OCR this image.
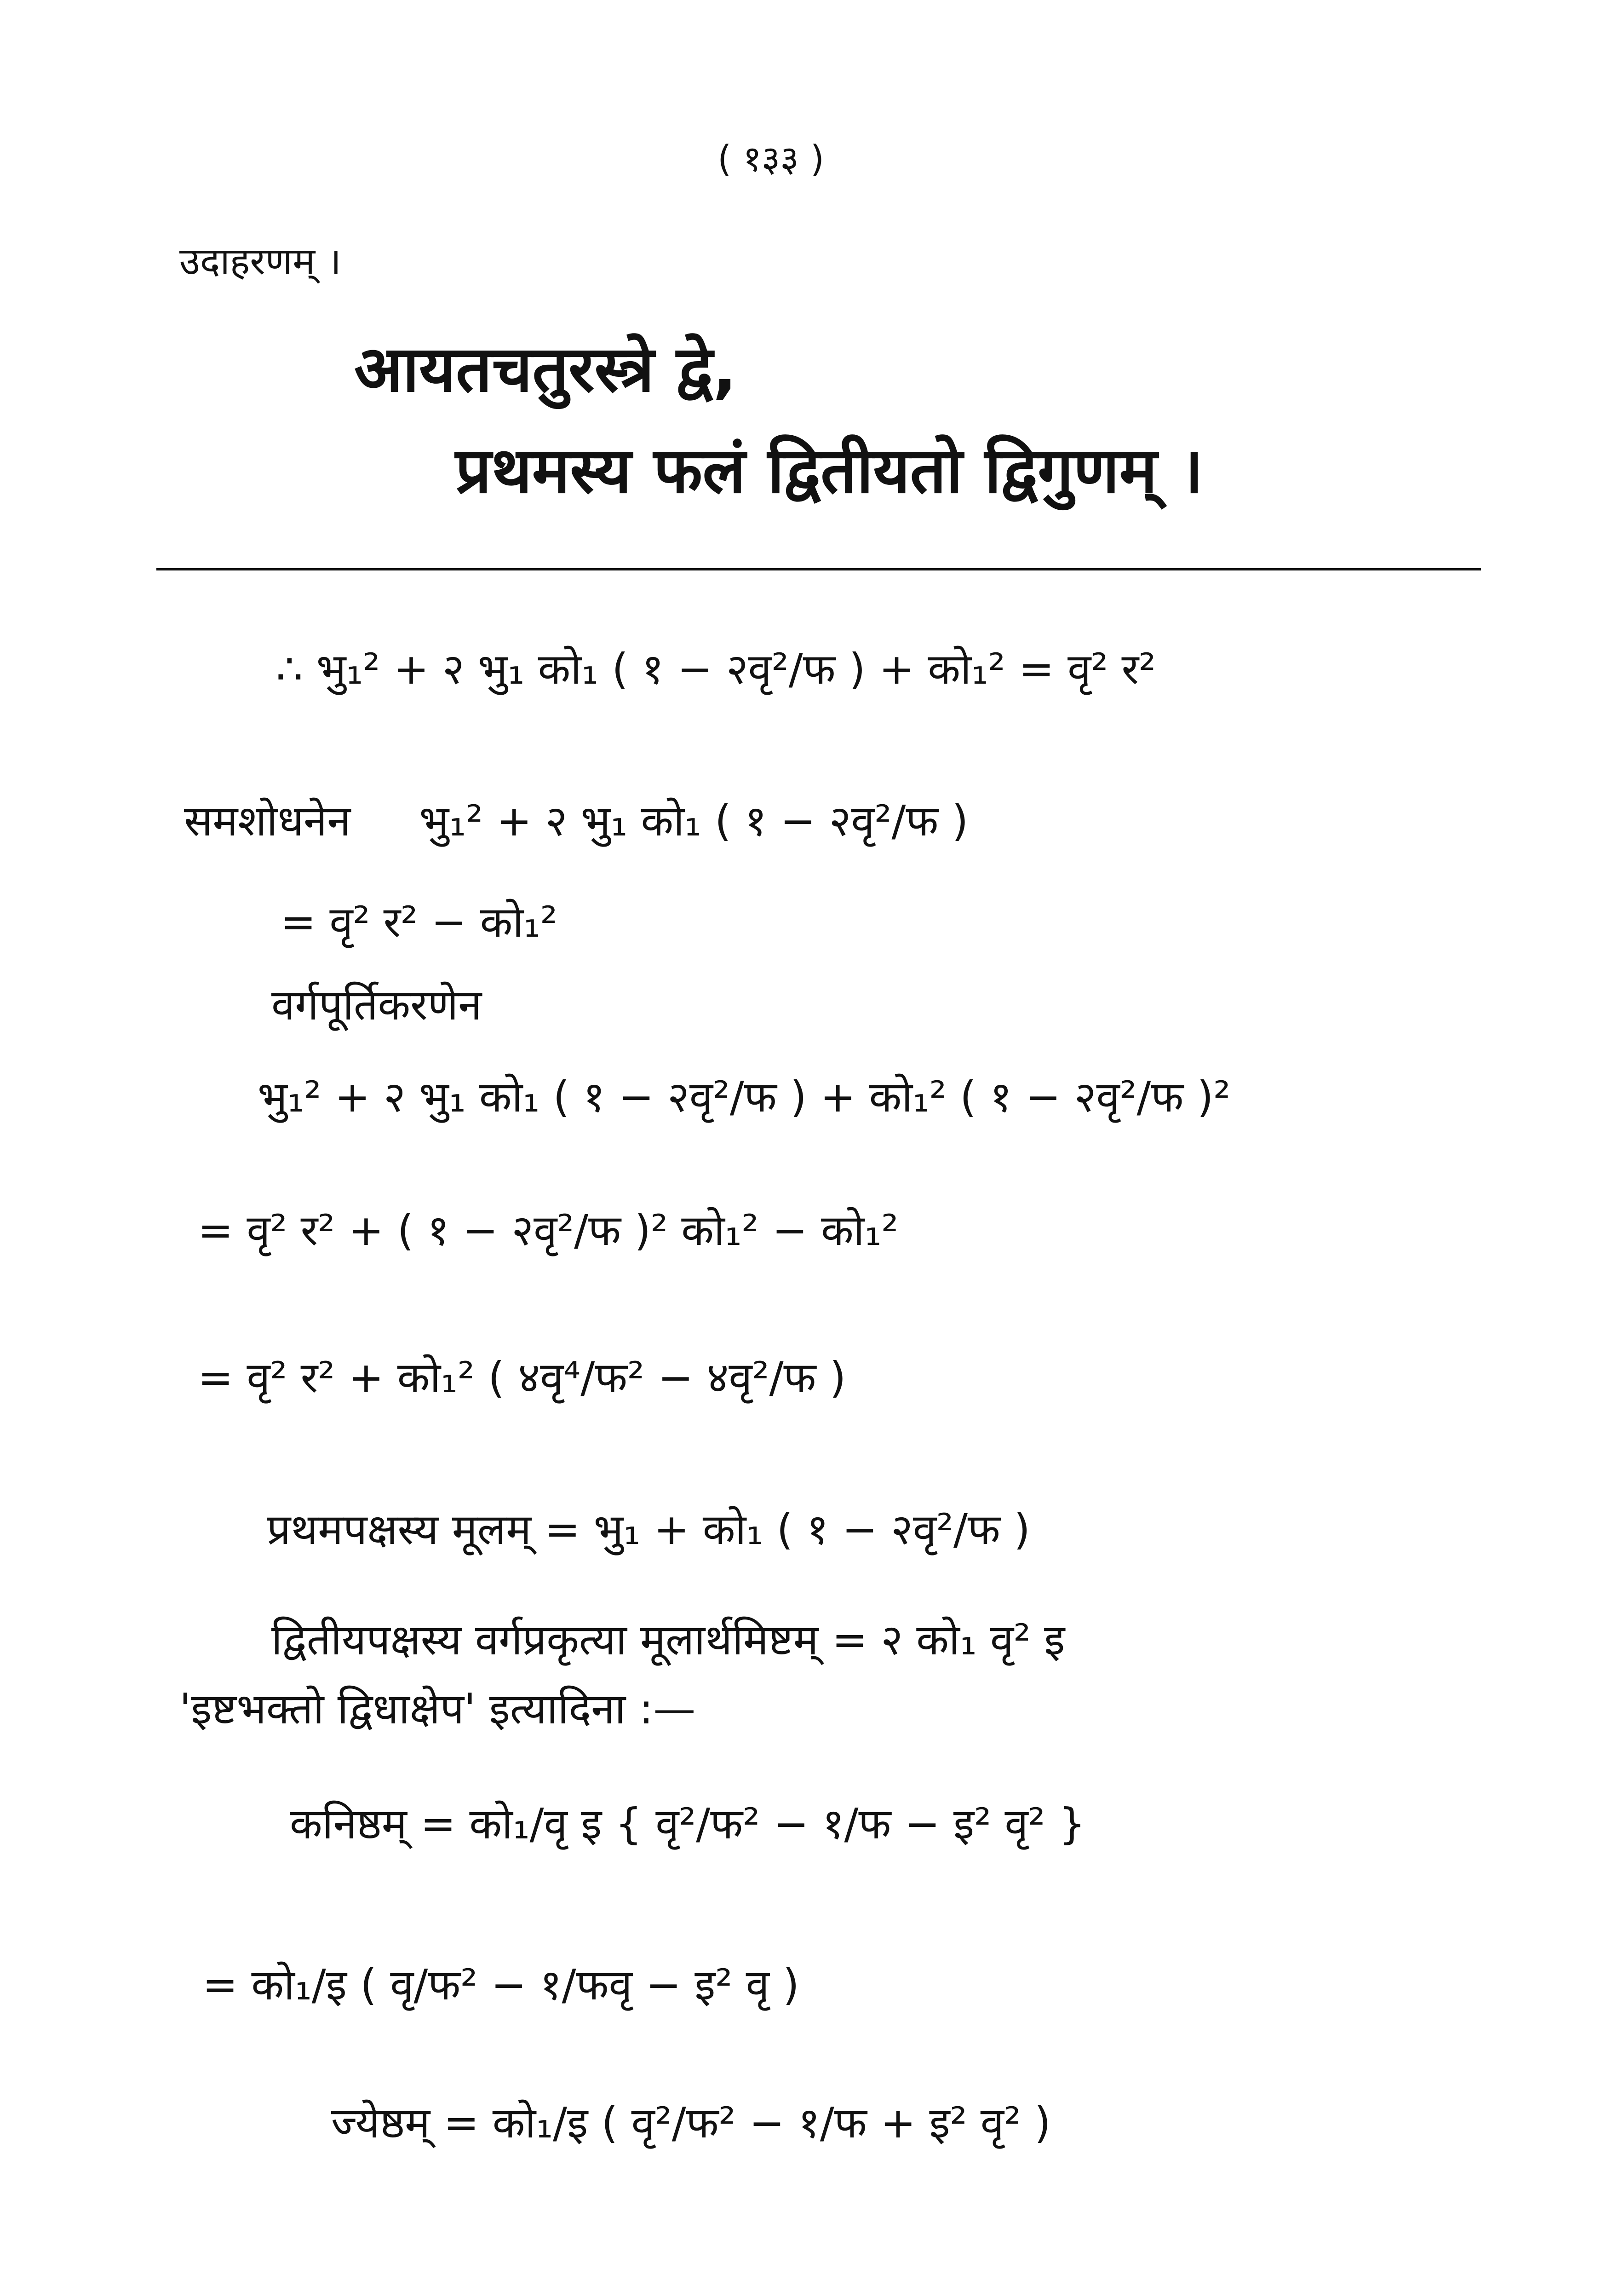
( १३३ )
उदाहरणम् ।
आयतचतुरस्त्रे द्वे,
प्रथमस्य फलं द्वितीयतो द्विगुणम् ।
∴ भु₁² + २ भु₁ को₁ ( १ − २वृ²/फ ) + को₁² = वृ² र²
समशोधनेन भु₁² + २ भु₁ को₁ ( १ − २वृ²/फ )
= वृ² र² − को₁²
वर्गपूर्तिकरणेन
भु₁² + २ भु₁ को₁ ( १ − २वृ²/फ ) + को₁² ( १ − २वृ²/फ )²
= वृ² र² + ( १ − २वृ²/फ )² को₁² − को₁²
= वृ² र² + को₁² ( ४वृ⁴/फ² − ४वृ²/फ )
प्रथमपक्षस्य मूलम् = भु₁ + को₁ ( १ − २वृ²/फ )
द्वितीयपक्षस्य वर्गप्रकृत्या मूलार्थमिष्टम् = २ को₁ वृ² इ
'इष्टभक्तो द्विधाक्षेप' इत्यादिना :—
कनिष्ठम् = को₁/वृ इ { वृ²/फ² − १/फ − इ² वृ² }
= को₁/इ ( वृ/फ² − १/फवृ − इ² वृ )
ज्येष्ठम् = को₁/इ ( वृ²/फ² − १/फ + इ² वृ² )
